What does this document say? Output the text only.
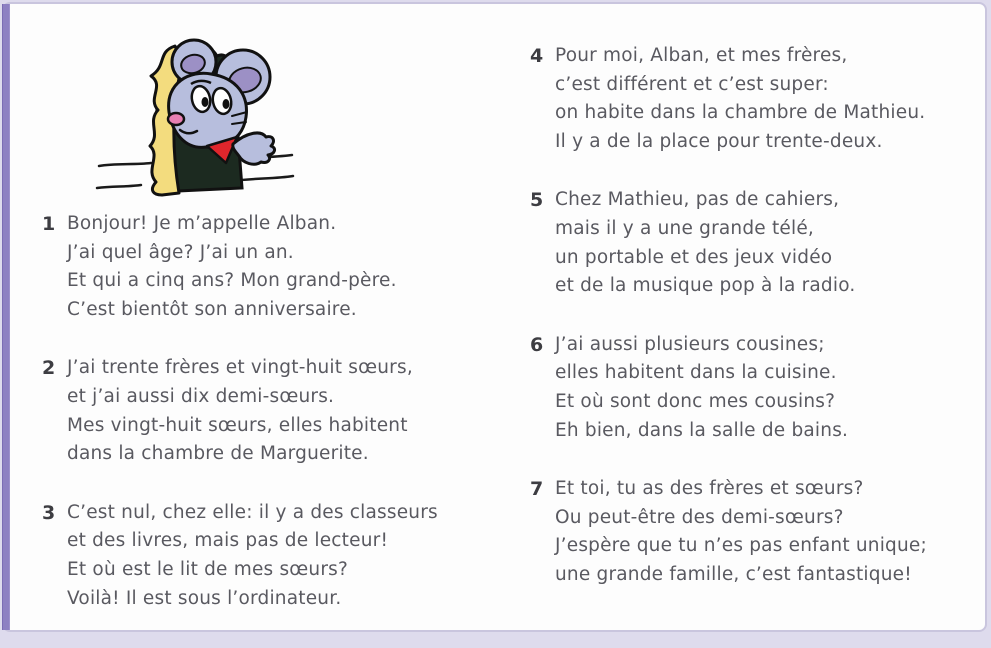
1 Bonjour! Je m’appelle Alban.
J’ai quel âge? J’ai un an.
Et qui a cinq ans? Mon grand-père.
C’est bientôt son anniversaire.
2 J’ai trente frères et vingt-huit sœurs,
et j’ai aussi dix demi-sœurs.
Mes vingt-huit sœurs, elles habitent
dans la chambre de Marguerite.
3 C’est nul, chez elle: il y a des classeurs
et des livres, mais pas de lecteur!
Et où est le lit de mes sœurs?
Voilà! Il est sous l’ordinateur.
4 Pour moi, Alban, et mes frères,
c’est différent et c’est super:
on habite dans la chambre de Mathieu.
Il y a de la place pour trente-deux.
5 Chez Mathieu, pas de cahiers,
mais il y a une grande télé,
un portable et des jeux vidéo
et de la musique pop à la radio.
6 J’ai aussi plusieurs cousines;
elles habitent dans la cuisine.
Et où sont donc mes cousins?
Eh bien, dans la salle de bains.
7 Et toi, tu as des frères et sœurs?
Ou peut-être des demi-sœurs?
J’espère que tu n’es pas enfant unique;
une grande famille, c’est fantastique!
